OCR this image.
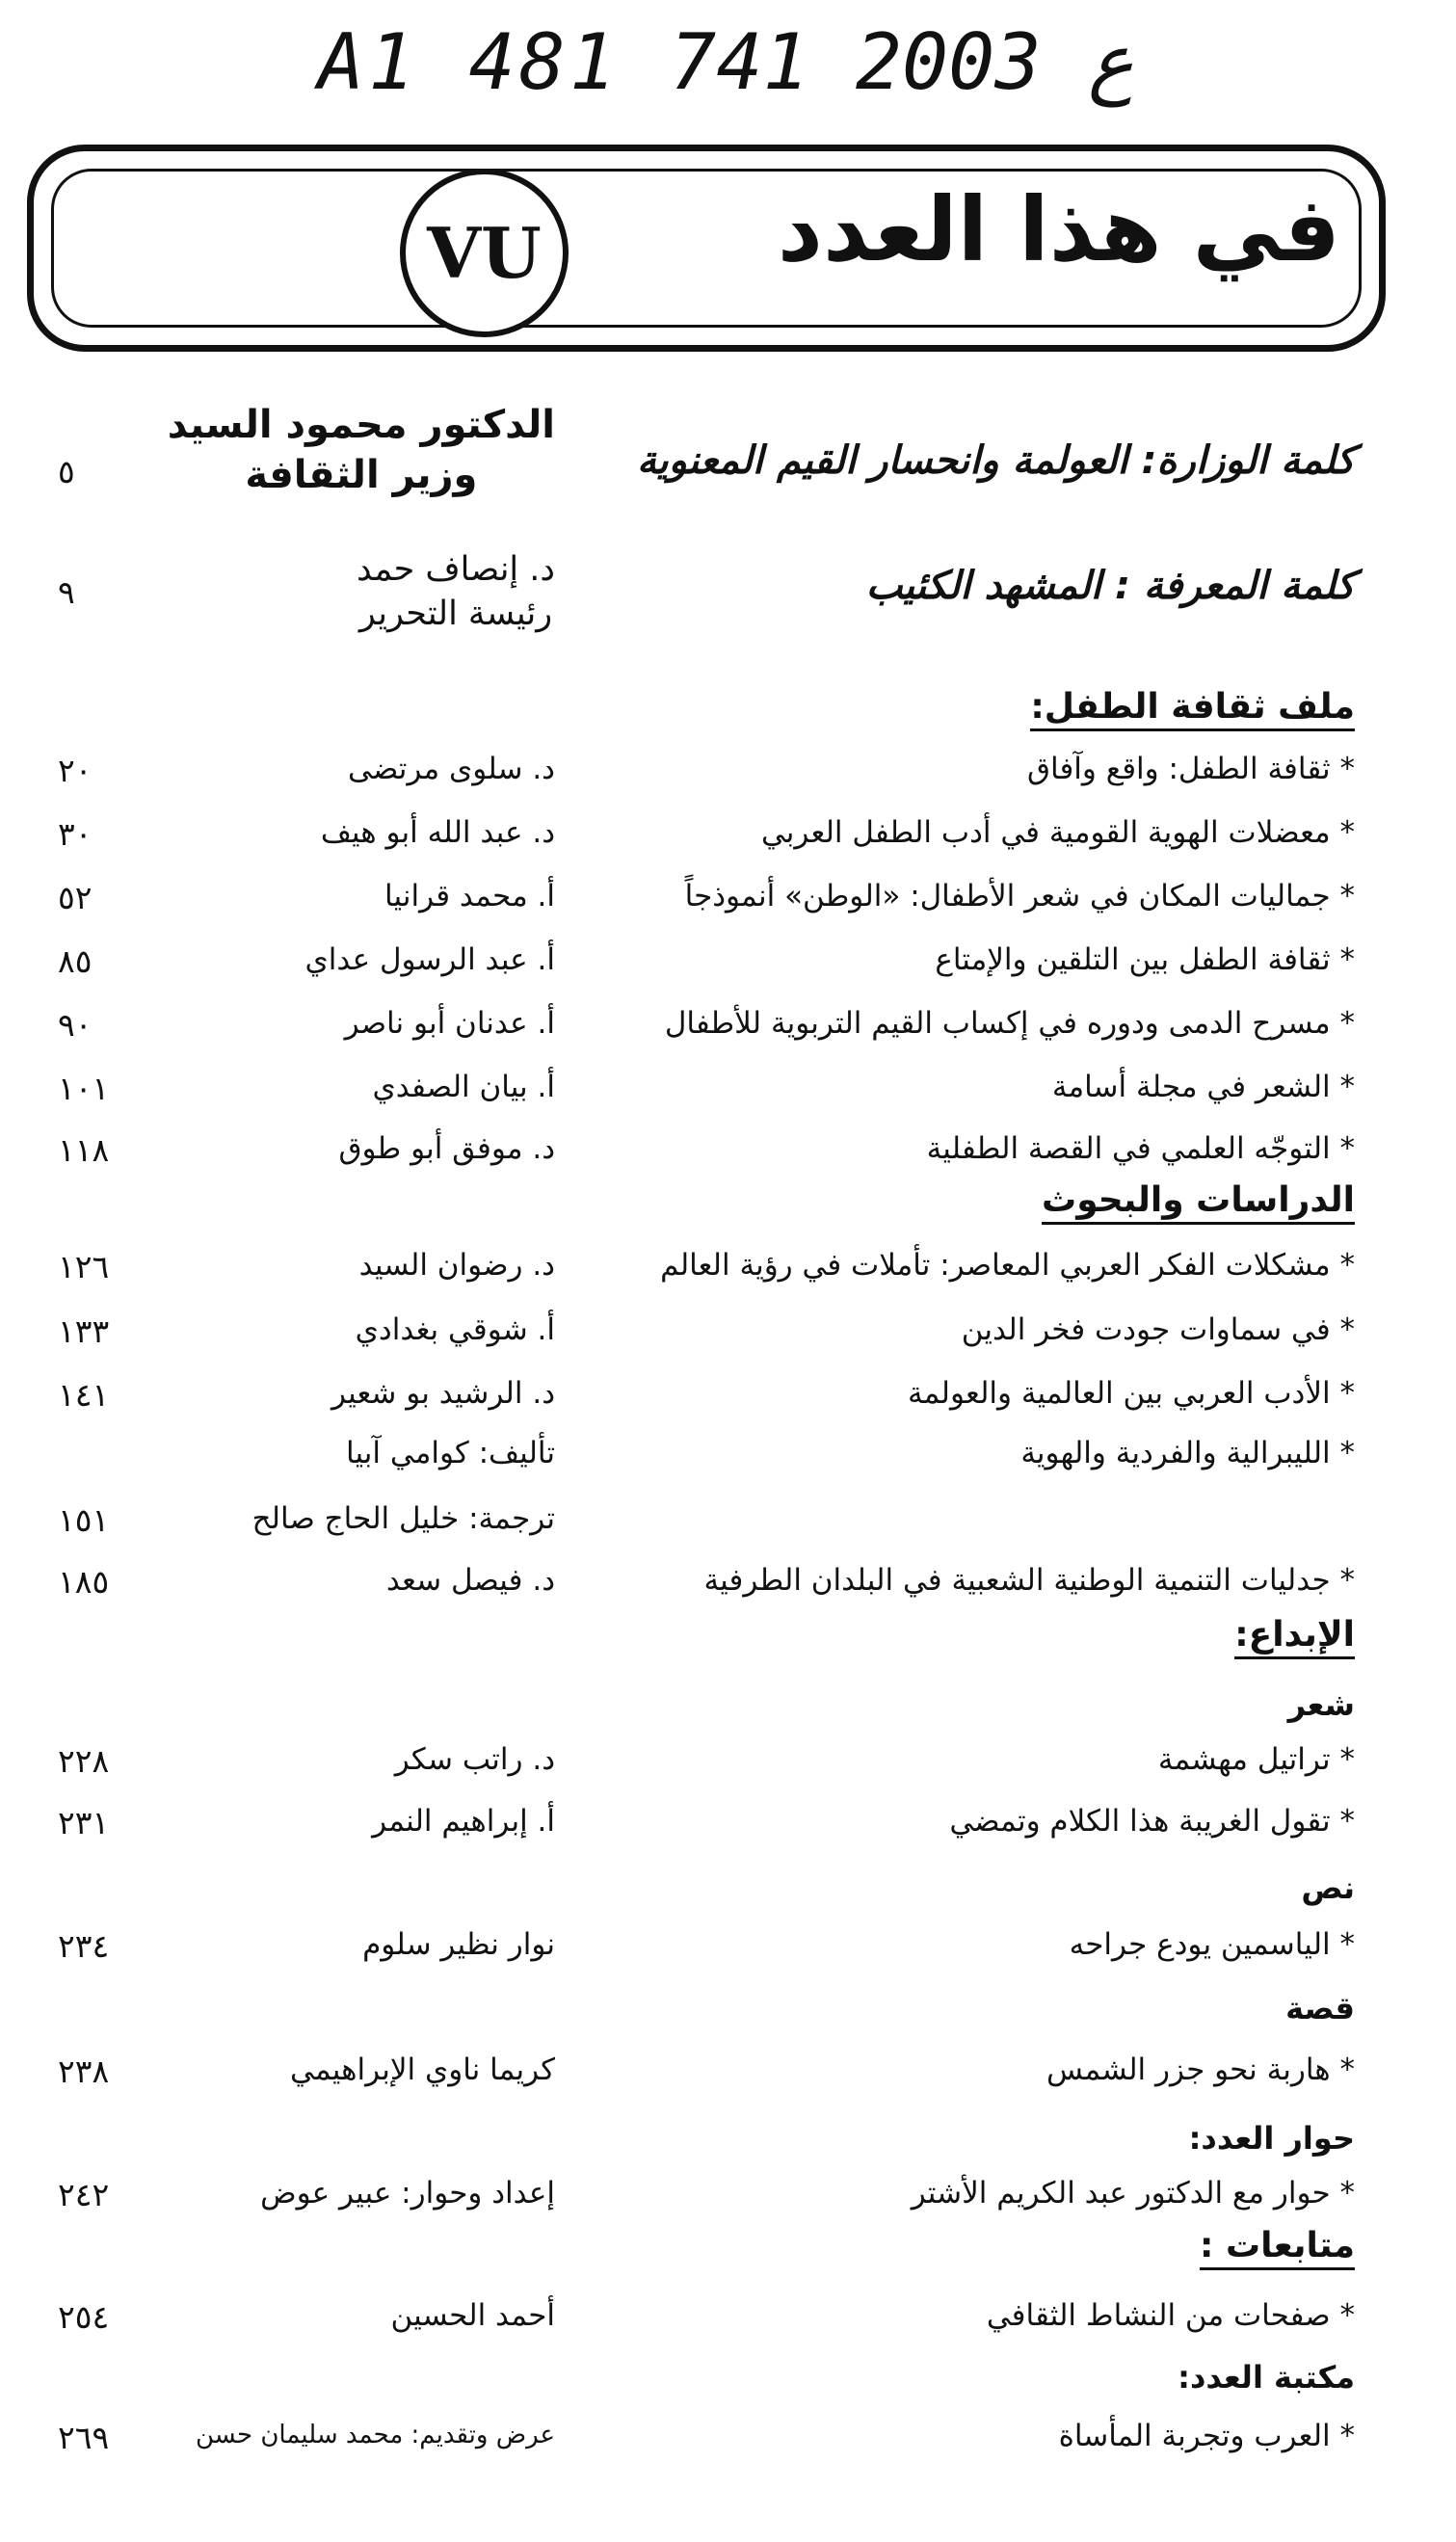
A1 481 ع 2003 741
VU	في هذا العدد
كلمة الوزارة: العولمة وانحسار القيم المعنوية
الدكتور محمود السيد
وزير الثقافة
٥
كلمة المعرفة : المشهد الكئيب
د. إنصاف حمد
رئيسة التحرير
٩
ملف ثقافة الطفل:
* ثقافة الطفل: واقع وآفاق
د. سلوى مرتضى
٢٠
* معضلات الهوية القومية في أدب الطفل العربي
د. عبد الله أبو هيف
٣٠
* جماليات المكان في شعر الأطفال: «الوطن» أنموذجاً
أ. محمد قرانيا
٥٢
* ثقافة الطفل بين التلقين والإمتاع
أ. عبد الرسول عداي
٨٥
* مسرح الدمى ودوره في إكساب القيم التربوية للأطفال
أ. عدنان أبو ناصر
٩٠
* الشعر في مجلة أسامة
أ. بيان الصفدي
١٠١
* التوجّه العلمي في القصة الطفلية
د. موفق أبو طوق
١١٨
الدراسات والبحوث
* مشكلات الفكر العربي المعاصر: تأملات في رؤية العالم
د. رضوان السيد
١٢٦
* في سماوات جودت فخر الدين
أ. شوقي بغدادي
١٣٣
* الأدب العربي بين العالمية والعولمة
د. الرشيد بو شعير
١٤١
* الليبرالية والفردية والهوية
تأليف: كوامي آبيا
ترجمة: خليل الحاج صالح
١٥١
* جدليات التنمية الوطنية الشعبية في البلدان الطرفية
د. فيصل سعد
١٨٥
الإبداع:
شعر
* تراتيل مهشمة
د. راتب سكر
٢٢٨
* تقول الغريبة هذا الكلام وتمضي
أ. إبراهيم النمر
٢٣١
نص
* الياسمين يودع جراحه
نوار نظير سلوم
٢٣٤
قصة
* هاربة نحو جزر الشمس
كريما ناوي الإبراهيمي
٢٣٨
حوار العدد:
* حوار مع الدكتور عبد الكريم الأشتر
إعداد وحوار: عبير عوض
٢٤٢
متابعات :
* صفحات من النشاط الثقافي
أحمد الحسين
٢٥٤
مكتبة العدد:
* العرب وتجربة المأساة
عرض وتقديم: محمد سليمان حسن
٢٦٩
